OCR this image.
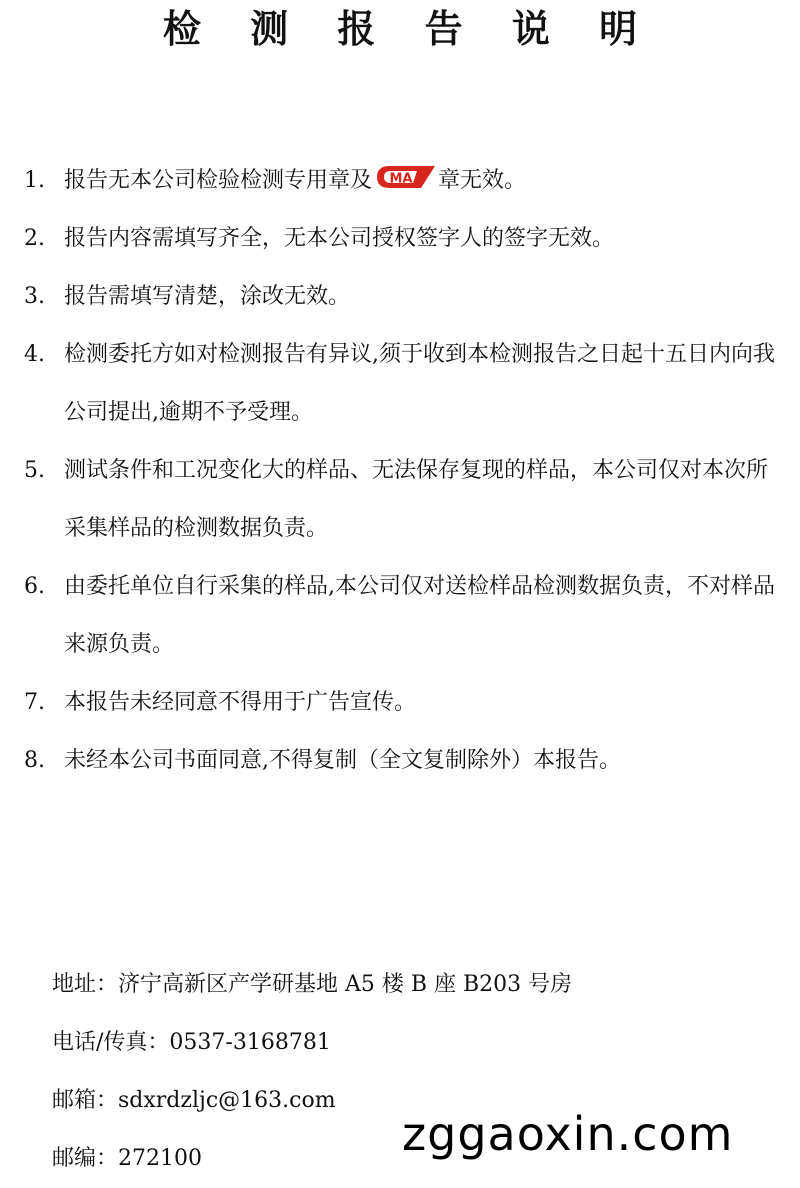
检 测 报 告 说 明
1. 报告无本公司检验检测专用章及 MA 章无效。
2. 报告内容需填写齐全，无本公司授权签字人的签字无效。
3. 报告需填写清楚，涂改无效。
4. 检测委托方如对检测报告有异议,须于收到本检测报告之日起十五日内向我公司提出,逾期不予受理。
5. 测试条件和工况变化大的样品、无法保存复现的样品，本公司仅对本次所采集样品的检测数据负责。
6. 由委托单位自行采集的样品,本公司仅对送检样品检测数据负责，不对样品来源负责。
7. 本报告未经同意不得用于广告宣传。
8. 未经本公司书面同意,不得复制（全文复制除外）本报告。
地址：济宁高新区产学研基地 A5 楼 B 座 B203 号房
电话/传真：0537-3168781
邮箱：sdxrdzljc@163.com
邮编：272100	zggaoxin.com
